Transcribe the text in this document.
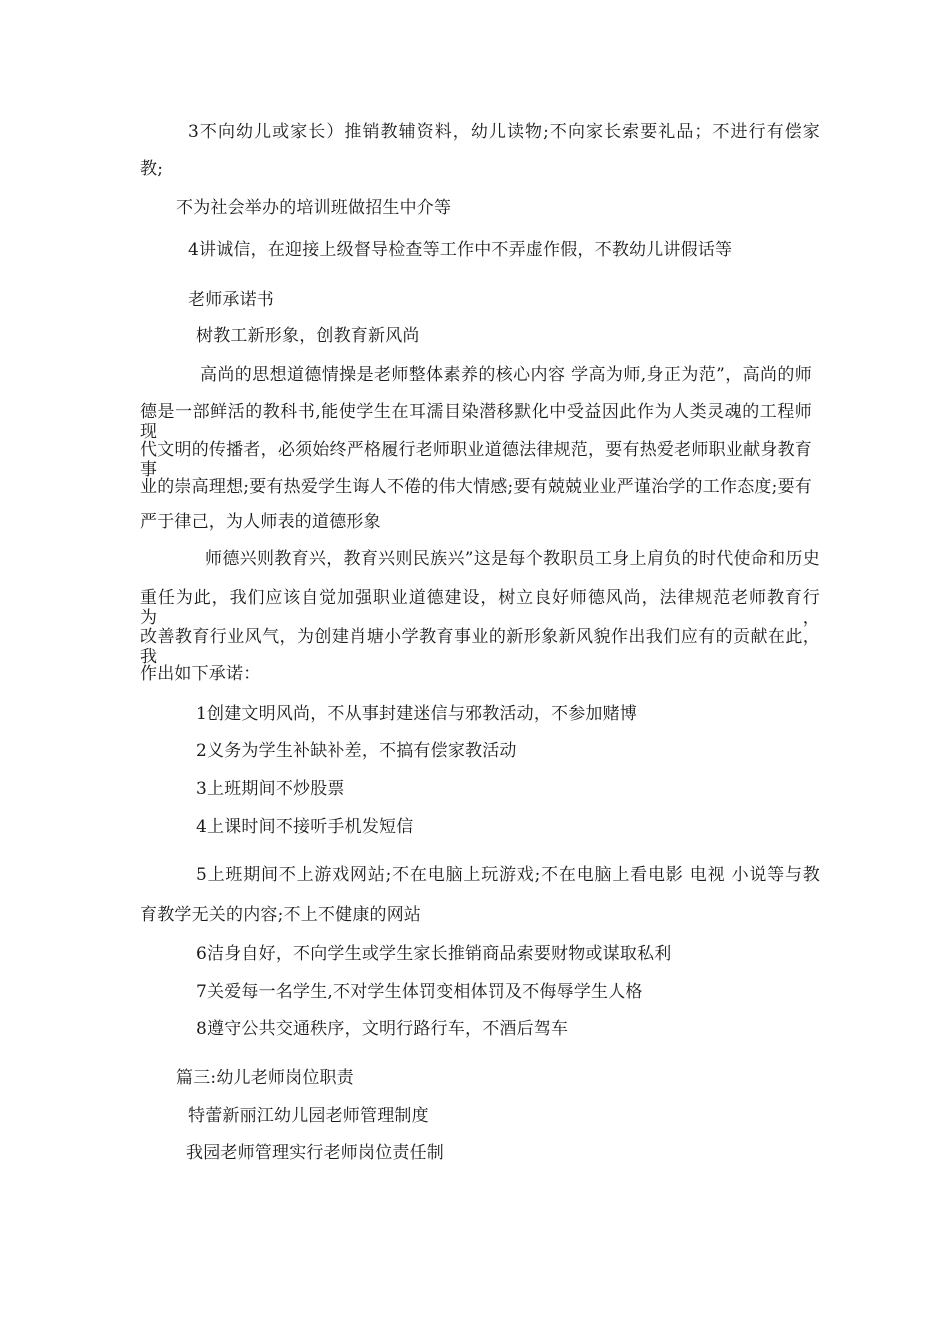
3不向幼儿或家长）推销教辅资料，幼儿读物;不向家长索要礼品；不进行有偿家
教;
不为社会举办的培训班做招生中介等
4讲诚信，在迎接上级督导检查等工作中不弄虚作假，不教幼儿讲假话等
老师承诺书
树教工新形象，创教育新风尚
高尚的思想道德情操是老师整体素养的核心内容 学高为师,身正为范”，高尚的师
德是一部鲜活的教科书,能使学生在耳濡目染潜移默化中受益因此作为人类灵魂的工程师现
代文明的传播者，必须始终严格履行老师职业道德法律规范，要有热爱老师职业献身教育事
业的崇高理想;要有热爱学生诲人不倦的伟大情感;要有兢兢业业严谨治学的工作态度;要有
严于律己，为人师表的道德形象
师德兴则教育兴，教育兴则民族兴”这是每个教职员工身上肩负的时代使命和历史
重任为此，我们应该自觉加强职业道德建设，树立良好师德风尚，法律规范老师教育行为，
改善教育行业风气，为创建肖塘小学教育事业的新形象新风貌作出我们应有的贡献在此，我
作出如下承诺：
1创建文明风尚，不从事封建迷信与邪教活动，不参加赌博
2义务为学生补缺补差，不搞有偿家教活动
3上班期间不炒股票
4上课时间不接听手机发短信
5上班期间不上游戏网站;不在电脑上玩游戏;不在电脑上看电影 电视 小说等与教
育教学无关的内容;不上不健康的网站
6洁身自好，不向学生或学生家长推销商品索要财物或谋取私利
7关爱每一名学生,不对学生体罚变相体罚及不侮辱学生人格
8遵守公共交通秩序，文明行路行车，不酒后驾车
篇三:幼儿老师岗位职责
特蕾新丽江幼儿园老师管理制度
我园老师管理实行老师岗位责任制
